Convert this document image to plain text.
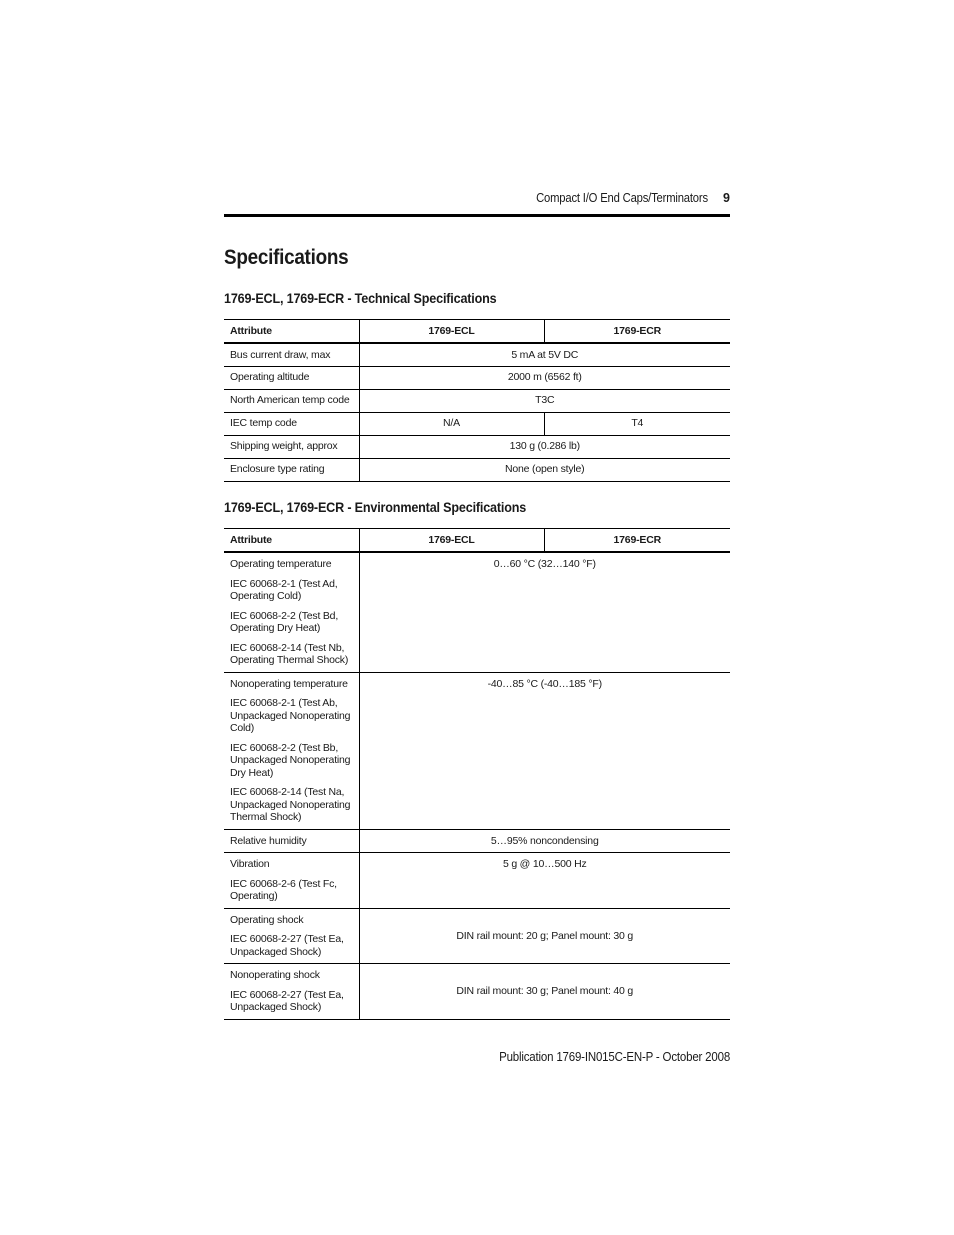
Compact I/O End Caps/Terminators 9
Specifications
1769-ECL, 1769-ECR - Technical Specifications
Attribute	1769-ECL	1769-ECR
Bus current draw, max	5 mA at 5V DC	
Operating altitude	2000 m (6562 ft)	
North American temp code	T3C	
IEC temp code	N/A	T4
Shipping weight, approx	130 g (0.286 lb)	
Enclosure type rating	None (open style)	
1769-ECL, 1769-ECR - Environmental Specifications
Attribute	1769-ECL	1769-ECR

Operating temperature
IEC 60068-2-1 (Test Ad, Operating Cold)
IEC 60068-2-2 (Test Bd, Operating Dry Heat)
IEC 60068-2-14 (Test Nb, Operating Thermal Shock)	0…60 °C (32…140 °F)	

Nonoperating temperature
IEC 60068-2-1 (Test Ab, Unpackaged Nonoperating Cold)
IEC 60068-2-2 (Test Bb, Unpackaged Nonoperating Dry Heat)
IEC 60068-2-14 (Test Na, Unpackaged Nonoperating Thermal Shock)	-40…85 °C (-40…185 °F)	

Relative humidity	5…95% noncondensing	

Vibration
IEC 60068-2-6 (Test Fc, Operating)	5 g @ 10…500 Hz	

Operating shock
IEC 60068-2-27 (Test Ea, Unpackaged Shock)	DIN rail mount: 20 g; Panel mount: 30 g	

Nonoperating shock
IEC 60068-2-27 (Test Ea, Unpackaged Shock)	DIN rail mount: 30 g; Panel mount: 40 g	
Publication 1769-IN015C-EN-P - October 2008
